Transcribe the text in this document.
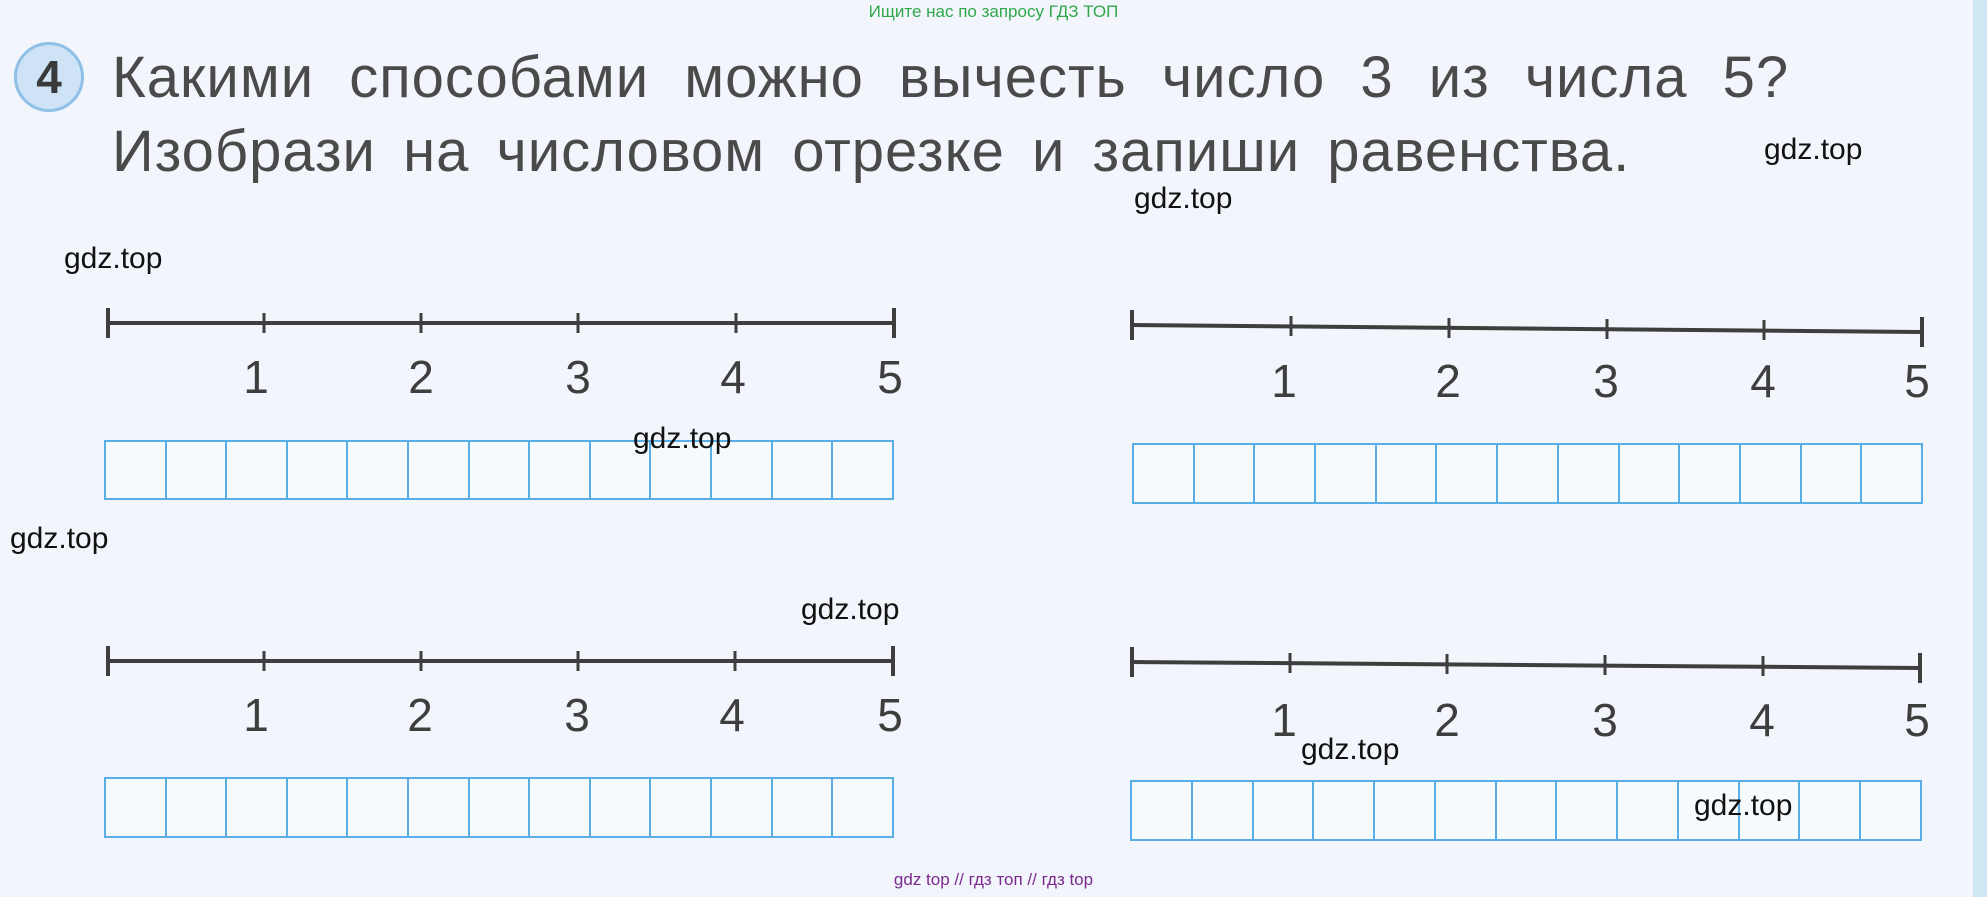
Ищите нас по запросу ГДЗ ТОП
4 Какими способами можно вычесть число 3 из числа 5?
Изобрази на числовом отрезке и запиши равенства.
1	2	3	4	5	1	2	3	4	5
1	2	3	4	5	1	2	3	4	5
gdz.top
gdz.top
gdz.top
gdz.top
gdz.top
gdz.top
gdz.top
gdz.top
gdz top // гдз топ // гдз top
